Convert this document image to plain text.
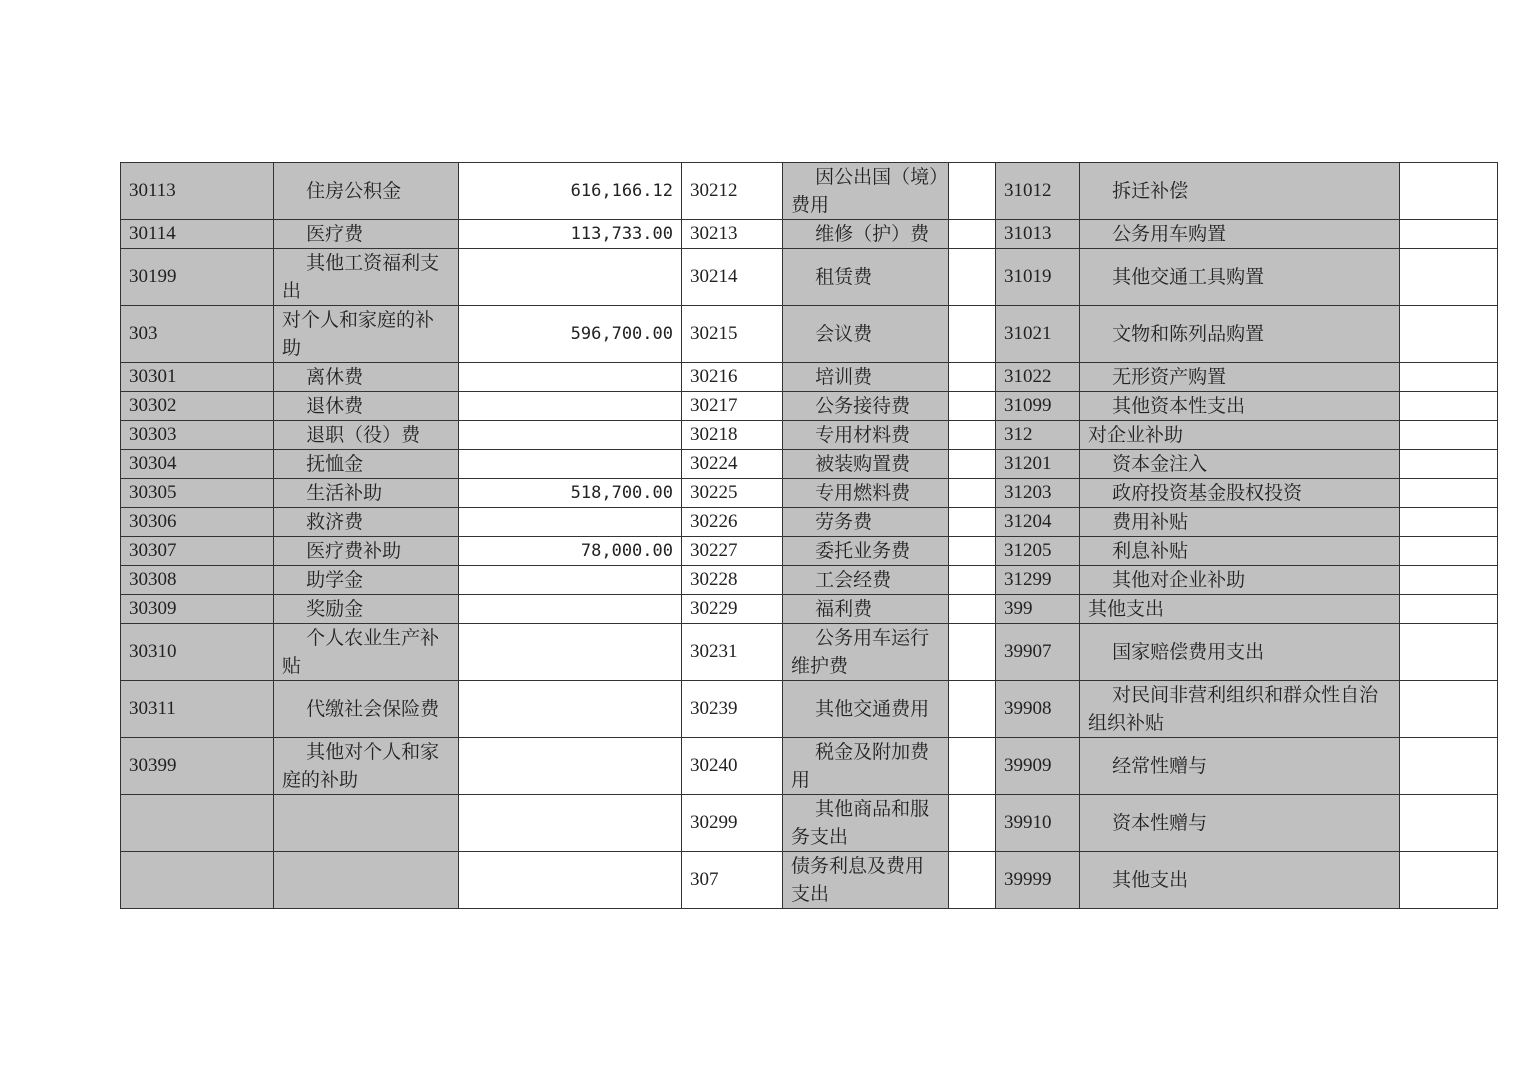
30113	住房公积金	616,166.12	30212	因公出国（境）费用		31012	拆迁补偿	

30114	医疗费	113,733.00	30213	维修（护）费		31013	公务用车购置	

30199	其他工资福利支出		30214	租赁费		31019	其他交通工具购置	

303	对个人和家庭的补助	596,700.00	30215	会议费		31021	文物和陈列品购置	

30301	离休费		30216	培训费		31022	无形资产购置	

30302	退休费		30217	公务接待费		31099	其他资本性支出	

30303	退职（役）费		30218	专用材料费		312	对企业补助	
30304	抚恤金		30224	被装购置费		31201	资本金注入	

30305	生活补助	518,700.00	30225	专用燃料费		31203	政府投资基金股权投资	

30306	救济费		30226	劳务费		31204	费用补贴	

30307	医疗费补助	78,000.00	30227	委托业务费		31205	利息补贴	

30308	助学金		30228	工会经费		31299	其他对企业补助	

30309	奖励金		30229	福利费		399	其他支出	
30310	个人农业生产补贴		30231	公务用车运行维护费		39907	国家赔偿费用支出	

30311	代缴社会保险费		30239	其他交通费用		39908	对民间非营利组织和群众性自治组织补贴	

30399	其他对个人和家庭的补助		30240	税金及附加费用		39909	经常性赠与	

			30299	其他商品和服务支出		39910	资本性赠与	

			307	债务利息及费用支出		39999	其他支出	
